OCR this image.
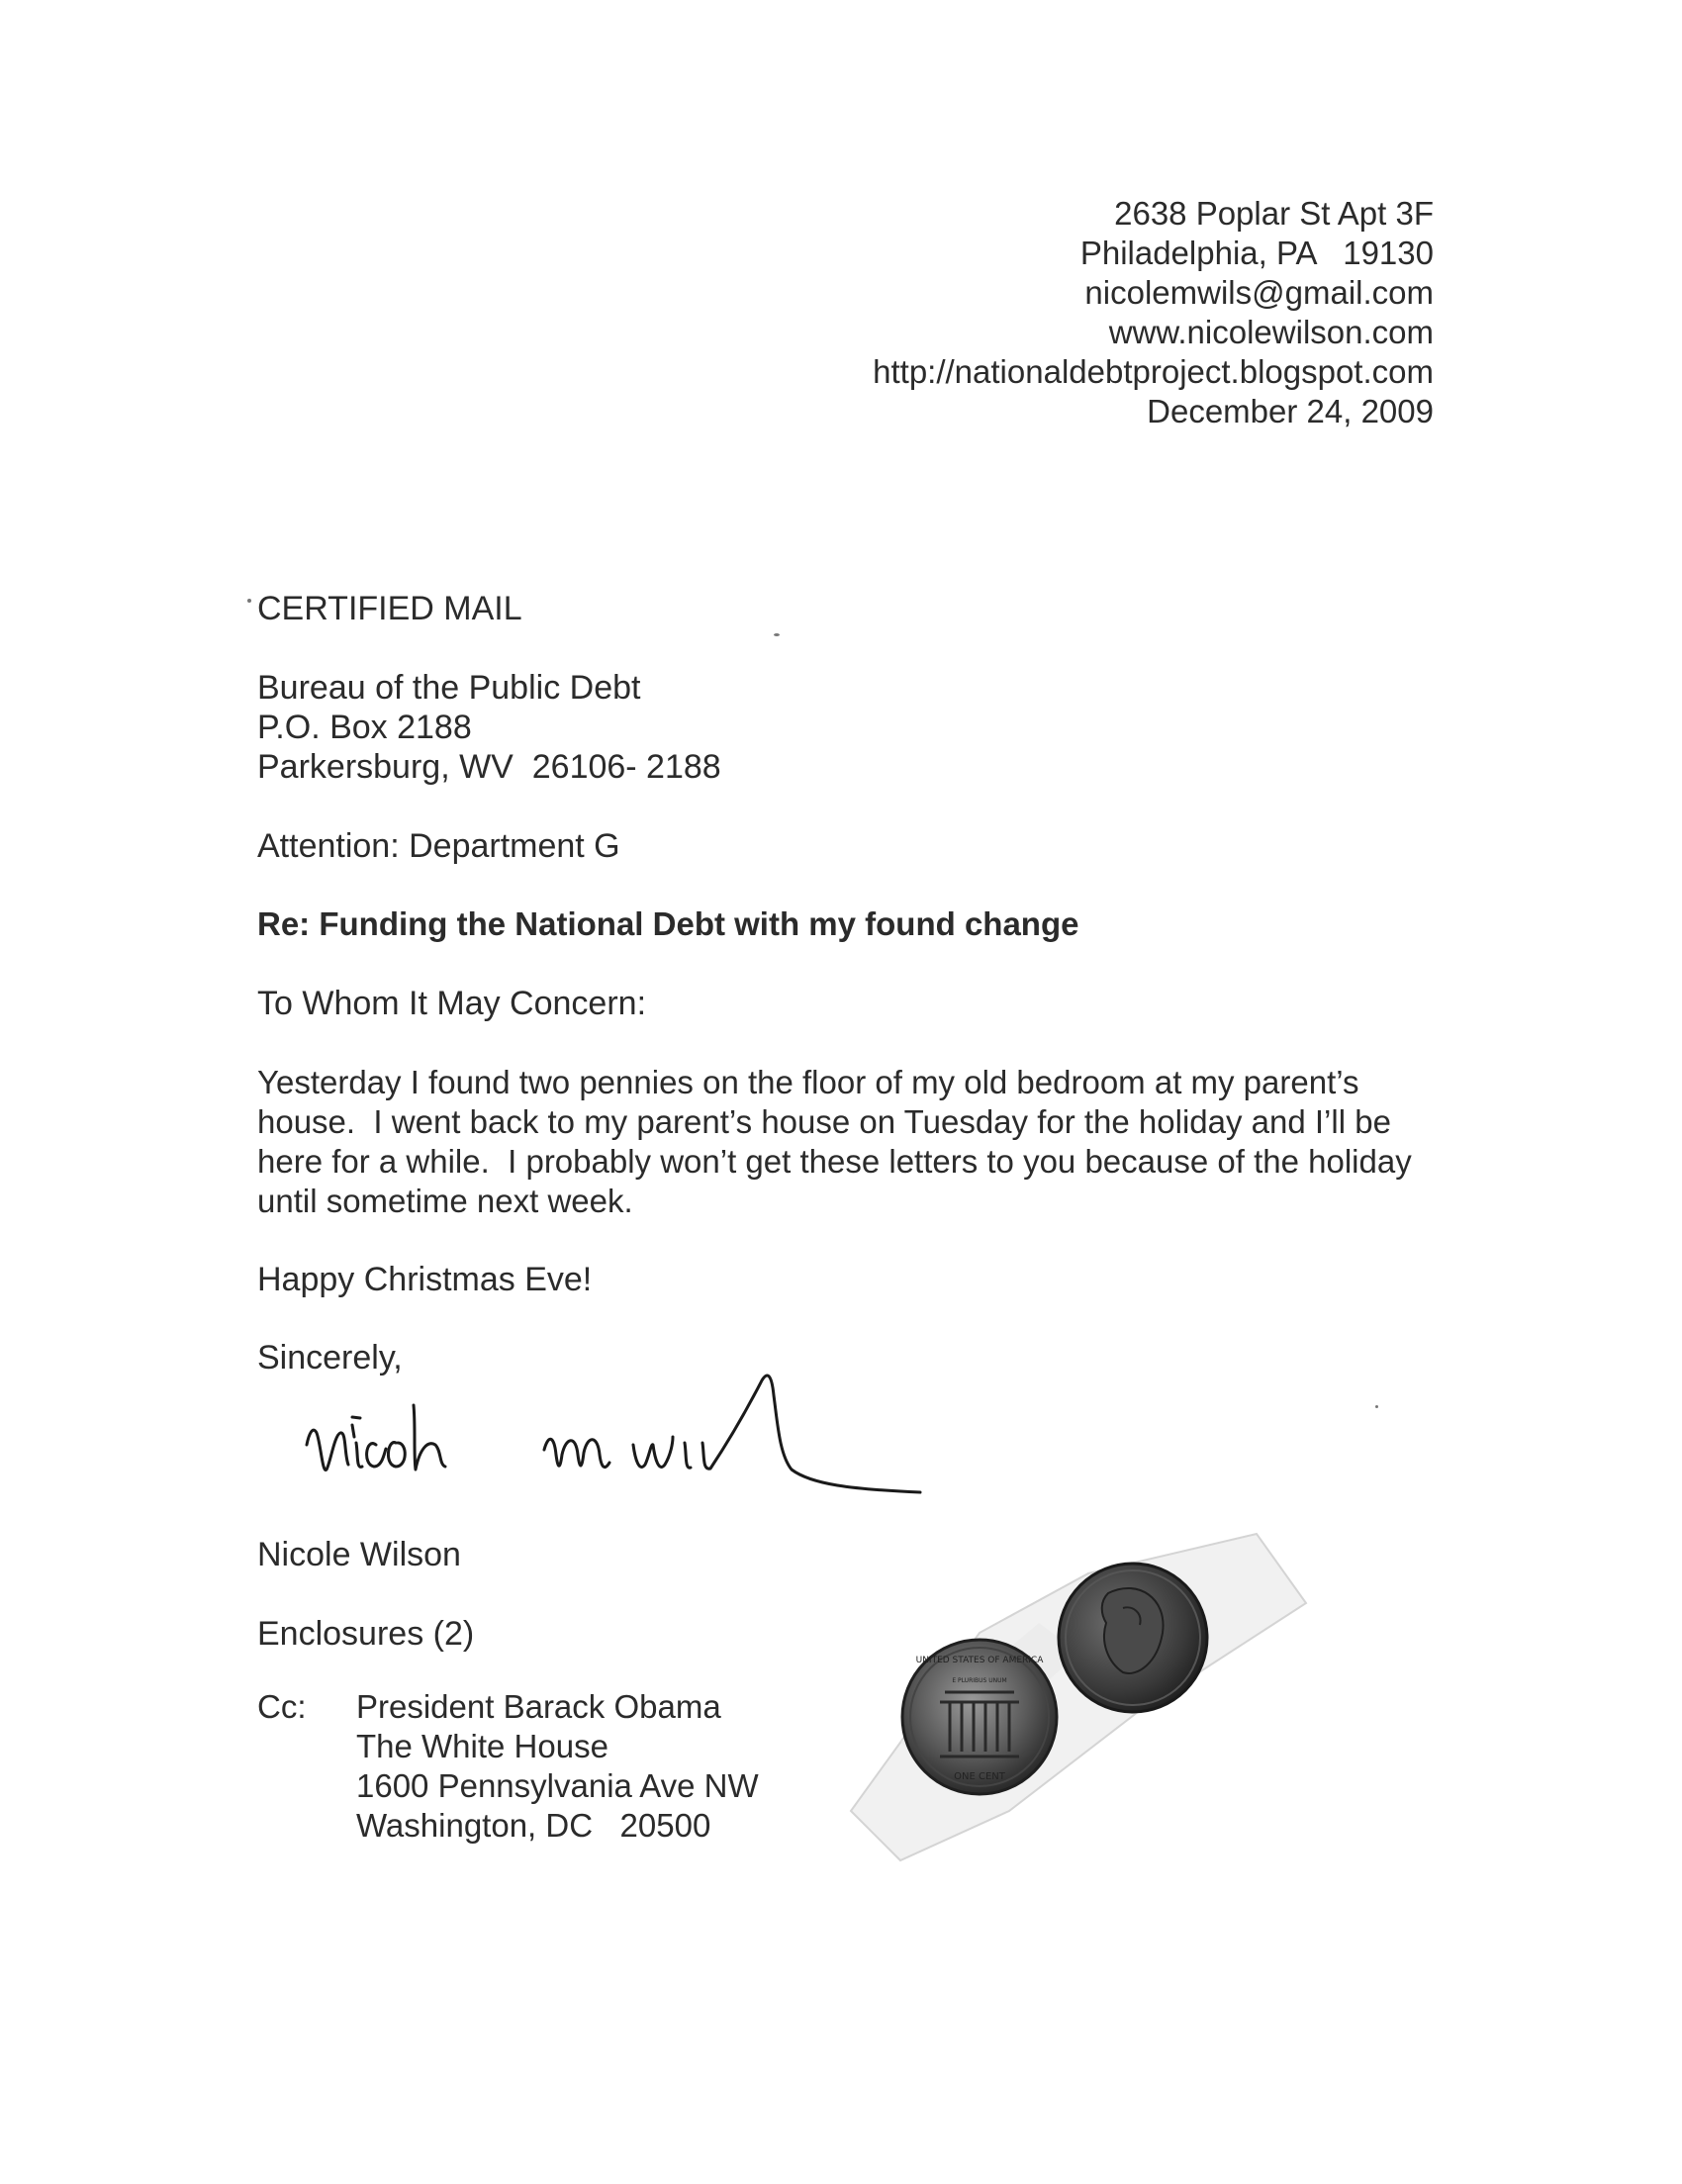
2638 Poplar St Apt 3F
Philadelphia, PA   19130
nicolemwils@gmail.com
www.nicolewilson.com
http://nationaldebtproject.blogspot.com
December 24, 2009
CERTIFIED MAIL
Bureau of the Public Debt
P.O. Box 2188
Parkersburg, WV  26106- 2188
Attention: Department G
Re: Funding the National Debt with my found change
To Whom It May Concern:
Yesterday I found two pennies on the floor of my old bedroom at my parent’s
house.  I went back to my parent’s house on Tuesday for the holiday and I’ll be
here for a while.  I probably won’t get these letters to you because of the holiday
until sometime next week.
Happy Christmas Eve!
Sincerely,
Nicole Wilson
Enclosures (2)
Cc: President Barack Obama
The White House
1600 Pennsylvania Ave NW
Washington, DC   20500
UNITED STATES OF AMERICA
ONE CENT
E PLURIBUS UNUM
